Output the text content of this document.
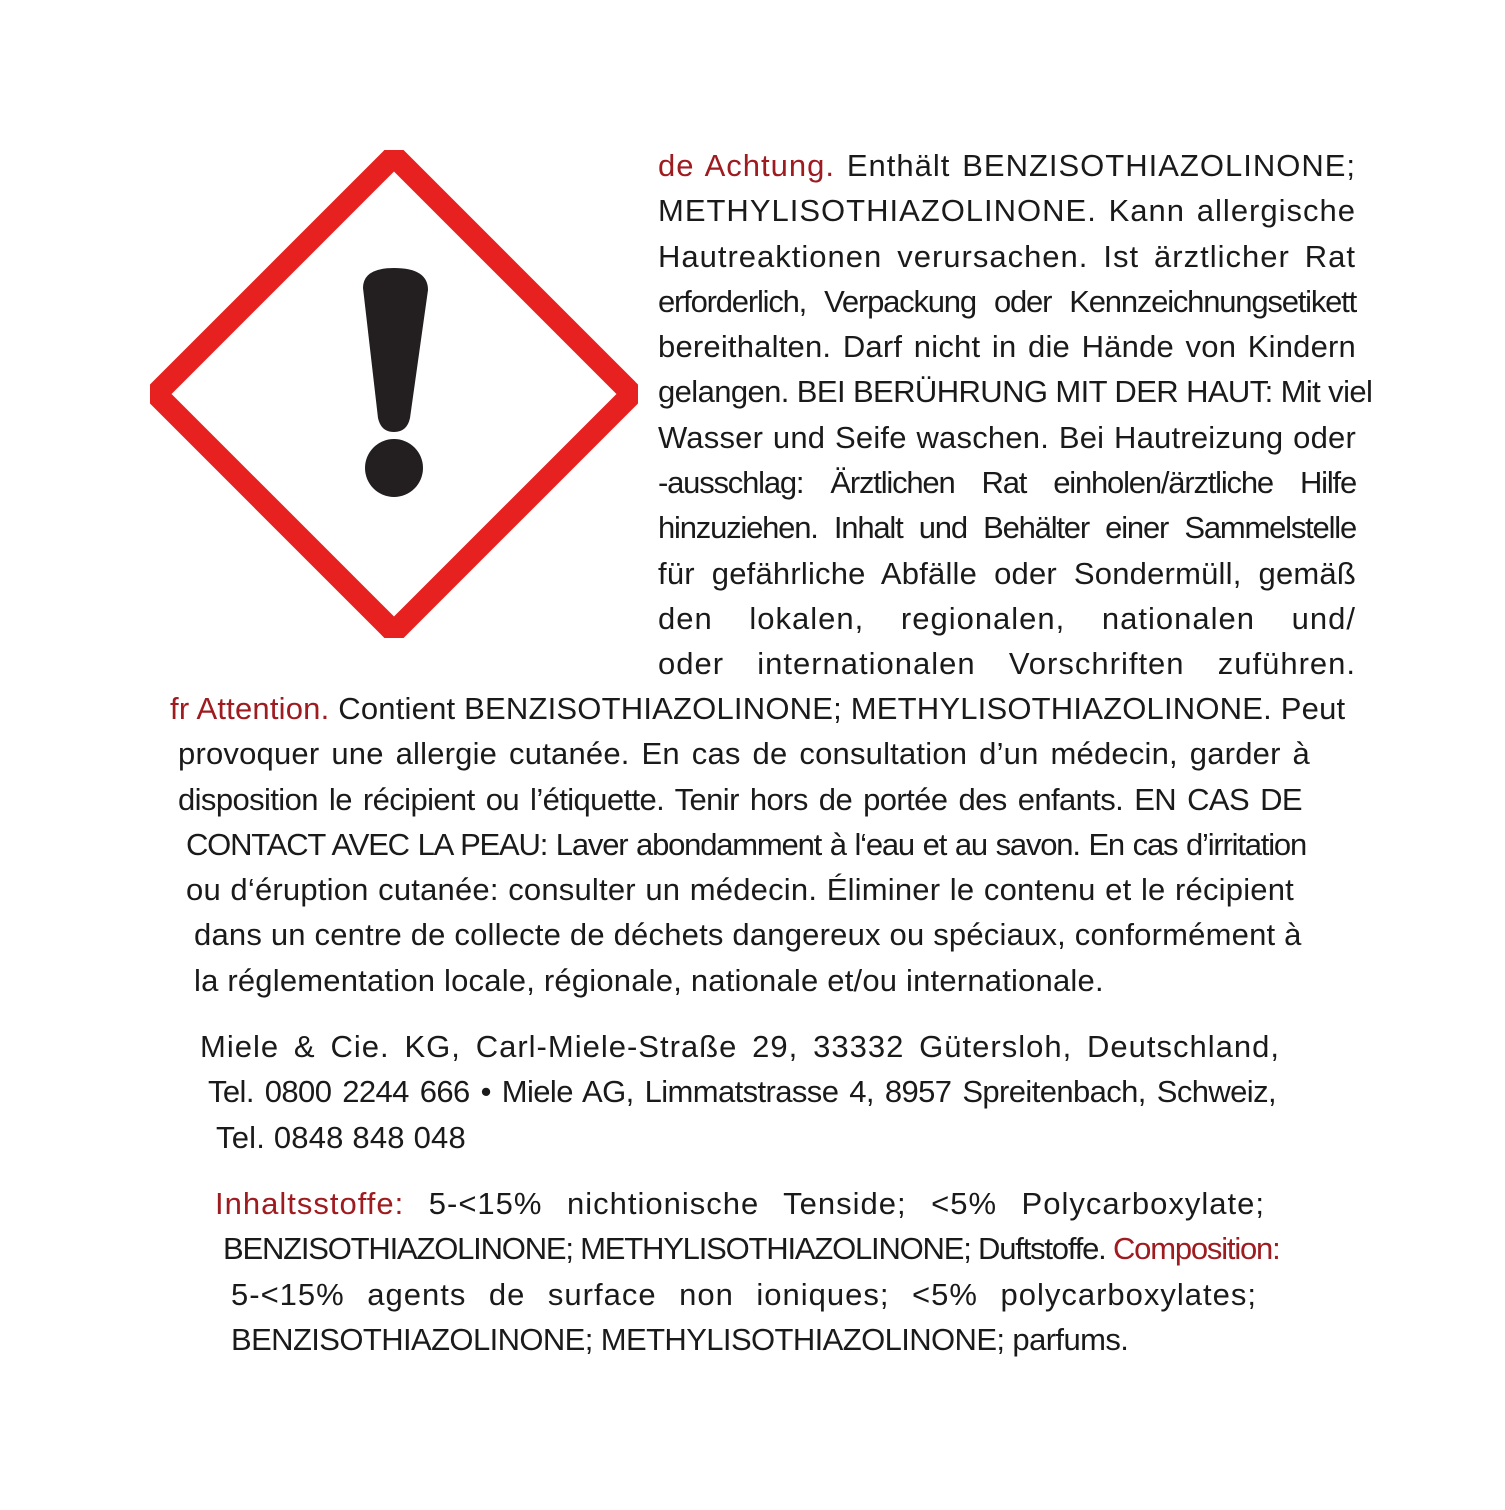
de Achtung. Enthält BENZISOTHIAZOLINONE;
METHYLISOTHIAZOLINONE. Kann allergische
Hautreaktionen verursachen. Ist ärztlicher Rat
erforderlich, Verpackung oder Kennzeichnungsetikett
bereithalten. Darf nicht in die Hände von Kindern
gelangen. BEI BERÜHRUNG MIT DER HAUT: Mit viel
Wasser und Seife waschen. Bei Hautreizung oder
-ausschlag: Ärztlichen Rat einholen/ärztliche Hilfe
hinzuziehen. Inhalt und Behälter einer Sammelstelle
für gefährliche Abfälle oder Sondermüll, gemäß
den lokalen, regionalen, nationalen und/
oder internationalen Vorschriften zuführen.
fr Attention. Contient BENZISOTHIAZOLINONE; METHYLISOTHIAZOLINONE. Peut
provoquer une allergie cutanée. En cas de consultation d’un médecin, garder à
disposition le récipient ou l’étiquette. Tenir hors de portée des enfants. EN CAS DE
CONTACT AVEC LA PEAU: Laver abondamment à l‘eau et au savon. En cas d’irritation
ou d‘éruption cutanée: consulter un médecin. Éliminer le contenu et le récipient
dans un centre de collecte de déchets dangereux ou spéciaux, conformément à
la réglementation locale, régionale, nationale et/ou internationale.
Miele & Cie. KG, Carl-Miele-Straße 29, 33332 Gütersloh, Deutschland,
Tel. 0800 2244 666 • Miele AG, Limmatstrasse 4, 8957 Spreitenbach, Schweiz,
Tel. 0848 848 048
Inhaltsstoffe: 5-<15% nichtionische Tenside; <5% Polycarboxylate;
BENZISOTHIAZOLINONE; METHYLISOTHIAZOLINONE; Duftstoffe. Composition:
5-<15% agents de surface non ioniques; <5% polycarboxylates;
BENZISOTHIAZOLINONE; METHYLISOTHIAZOLINONE; parfums.
